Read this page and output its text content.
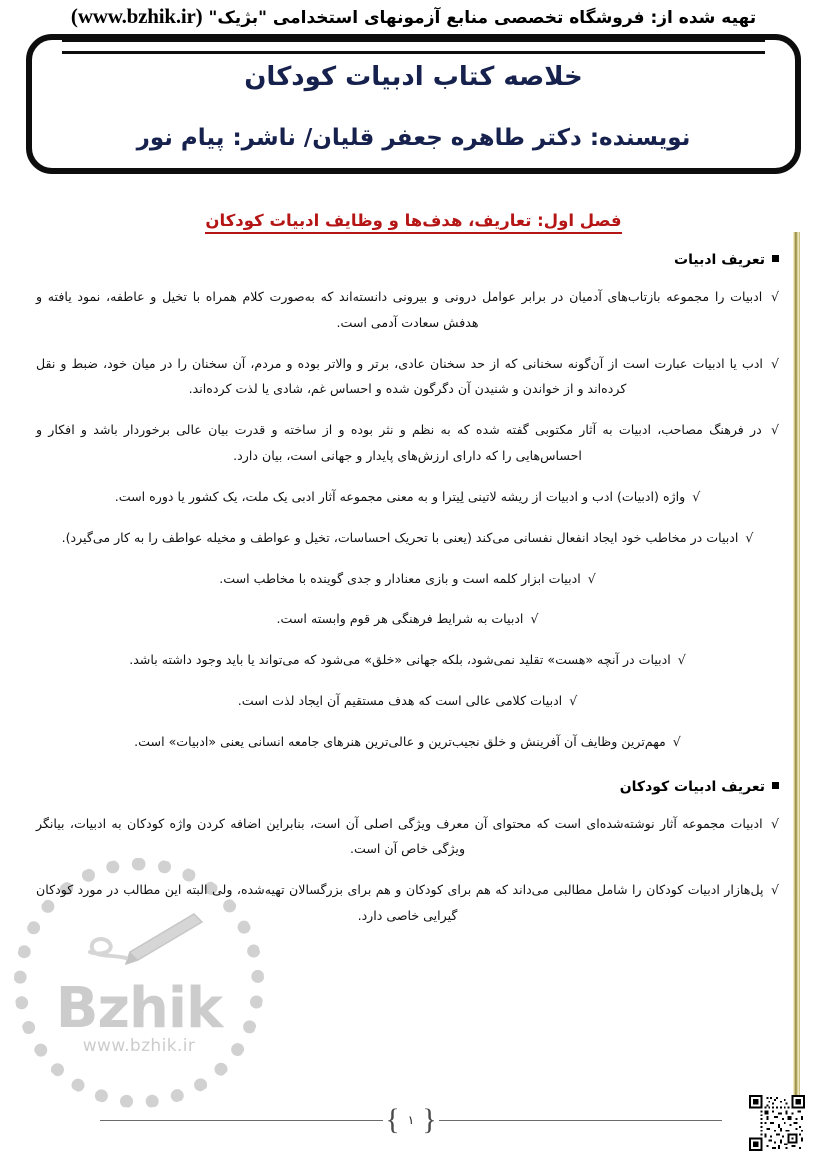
تهیه شده از: فروشگاه تخصصی منابع آزمونهای استخدامی "بژیک" (www.bzhik.ir)
خلاصه کتاب ادبیات کودکان
نویسنده: دکتر طاهره جعفر قلیان/ ناشر: پیام نور
فصل اول: تعاریف، هدف‌ها و وظایف ادبیات کودکان
Bzhik
www.bzhik.ir
تعریف ادبیات

√ ادبیات را مجموعه بازتاب‌های آدمیان در برابر عوامل درونی و بیرونی دانسته‌اند که به‌صورت کلام همراه با تخیل و عاطفه، نمود یافته و هدفش سعادت آدمی است.

√ ادب یا ادبیات عبارت است از آن‌گونه سخنانی که از حد سخنان عادی، برتر و والاتر بوده و مردم، آن سخنان را در میان خود، ضبط و نقل کرده‌اند و از خواندن و شنیدن آن دگرگون شده و احساس غم، شادی یا لذت کرده‌اند.

√ در فرهنگ مصاحب، ادبیات به آثار مکتوبی گفته شده که به نظم و نثر بوده و از ساخته و قدرت بیان عالی برخوردار باشد و افکار و احساس‌هایی را که دارای ارزش‌های پایدار و جهانی است، بیان دارد.

√ واژه (ادبیات) ادب و ادبیات از ریشه لاتینی لِیترا و به معنی مجموعه آثار ادبی یک ملت، یک کشور یا دوره است.

√ ادبیات در مخاطب خود ایجاد انفعال نفسانی می‌کند (یعنی با تحریک احساسات، تخیل و عواطف و مخیله عواطف را به کار می‌گیرد).

√ ادبیات ابزار کلمه است و بازی معنادار و جدی گوینده با مخاطب است.

√ ادبیات به شرایط فرهنگی هر قوم وابسته است.

√ ادبیات در آنچه «هست» تقلید نمی‌شود، بلکه جهانی «خلق» می‌شود که می‌تواند یا باید وجود داشته باشد.

√ ادبیات کلامی عالی است که هدف مستقیم آن ایجاد لذت است.

√ مهم‌ترین وظایف آن آفرینش و خلق نجیب‌ترین و عالی‌ترین هنرهای جامعه انسانی یعنی «ادبیات» است.

تعریف ادبیات کودکان

√ ادبیات مجموعه آثار نوشته‌شده‌ای است که محتوای آن معرف ویژگی اصلی آن است، بنابراین اضافه کردن واژه کودکان به ادبیات، بیانگر ویژگی خاص آن است.

√ پل‌هازار ادبیات کودکان را شامل مطالبی می‌داند که هم برای کودکان و هم برای بزرگسالان تهیه‌شده، ولی البته این مطالب در مورد کودکان گیرایی خاصی دارد.

{
١
}
